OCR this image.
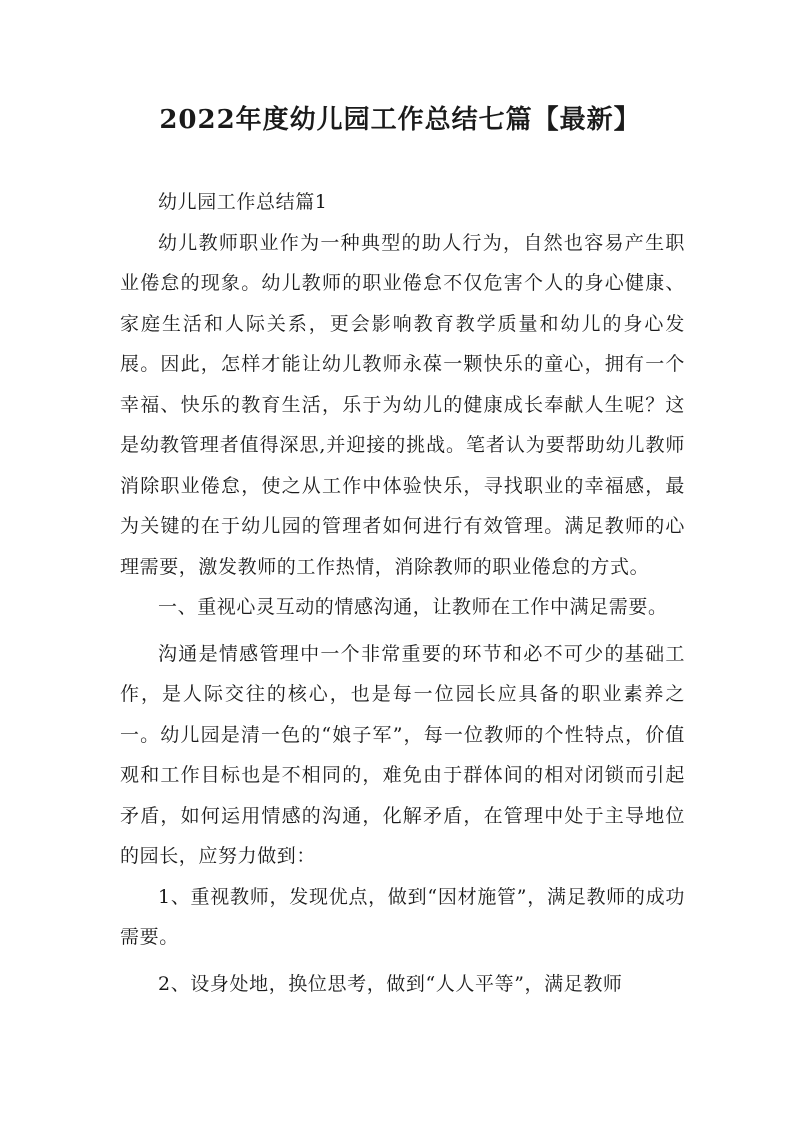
2022年度幼儿园工作总结七篇【最新】

幼儿园工作总结篇1

幼儿教师职业作为一种典型的助人行为，自然也容易产生职业倦怠的现象。幼儿教师的职业倦怠不仅危害个人的身心健康、家庭生活和人际关系，更会影响教育教学质量和幼儿的身心发展。因此，怎样才能让幼儿教师永葆一颗快乐的童心，拥有一个幸福、快乐的教育生活，乐于为幼儿的健康成长奉献人生呢？这是幼教管理者值得深思,并迎接的挑战。笔者认为要帮助幼儿教师消除职业倦怠，使之从工作中体验快乐，寻找职业的幸福感，最为关键的在于幼儿园的管理者如何进行有效管理。满足教师的心理需要，激发教师的工作热情，消除教师的职业倦怠的方式。

一、重视心灵互动的情感沟通，让教师在工作中满足需要。

沟通是情感管理中一个非常重要的环节和必不可少的基础工作，是人际交往的核心，也是每一位园长应具备的职业素养之一。幼儿园是清一色的“娘子军”，每一位教师的个性特点，价值观和工作目标也是不相同的，难免由于群体间的相对闭锁而引起矛盾，如何运用情感的沟通，化解矛盾，在管理中处于主导地位的园长，应努力做到：

1、重视教师，发现优点，做到“因材施管”，满足教师的成功需要。

2、设身处地，换位思考，做到“人人平等”，满足教师
